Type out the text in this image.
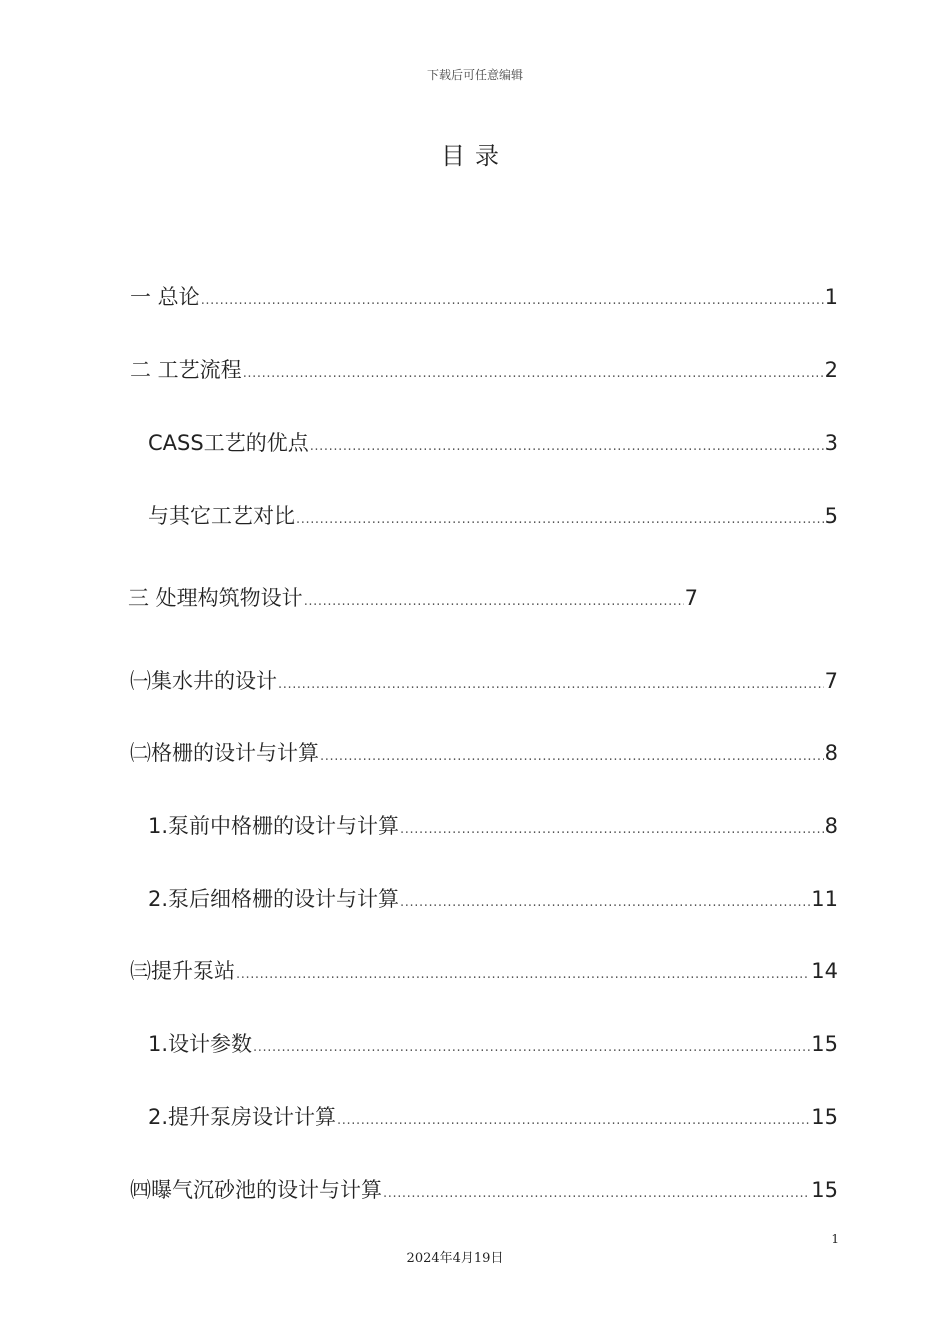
下载后可任意编辑
目录
一 总论 .....	1
二 工艺流程 .....	2
CASS工艺的优点 .....	3
与其它工艺对比 .....	5
三 处理构筑物设计 .....	7
㈠集水井的设计 .....	7
㈡格栅的设计与计算 .....	8
1.泵前中格栅的设计与计算 .....	8
2.泵后细格栅的设计与计算 .....	11
㈢提升泵站 .....	14
1.设计参数 .....	15
2.提升泵房设计计算 .....	15
㈣曝气沉砂池的设计与计算 .....	15
1
2024年4月19日
